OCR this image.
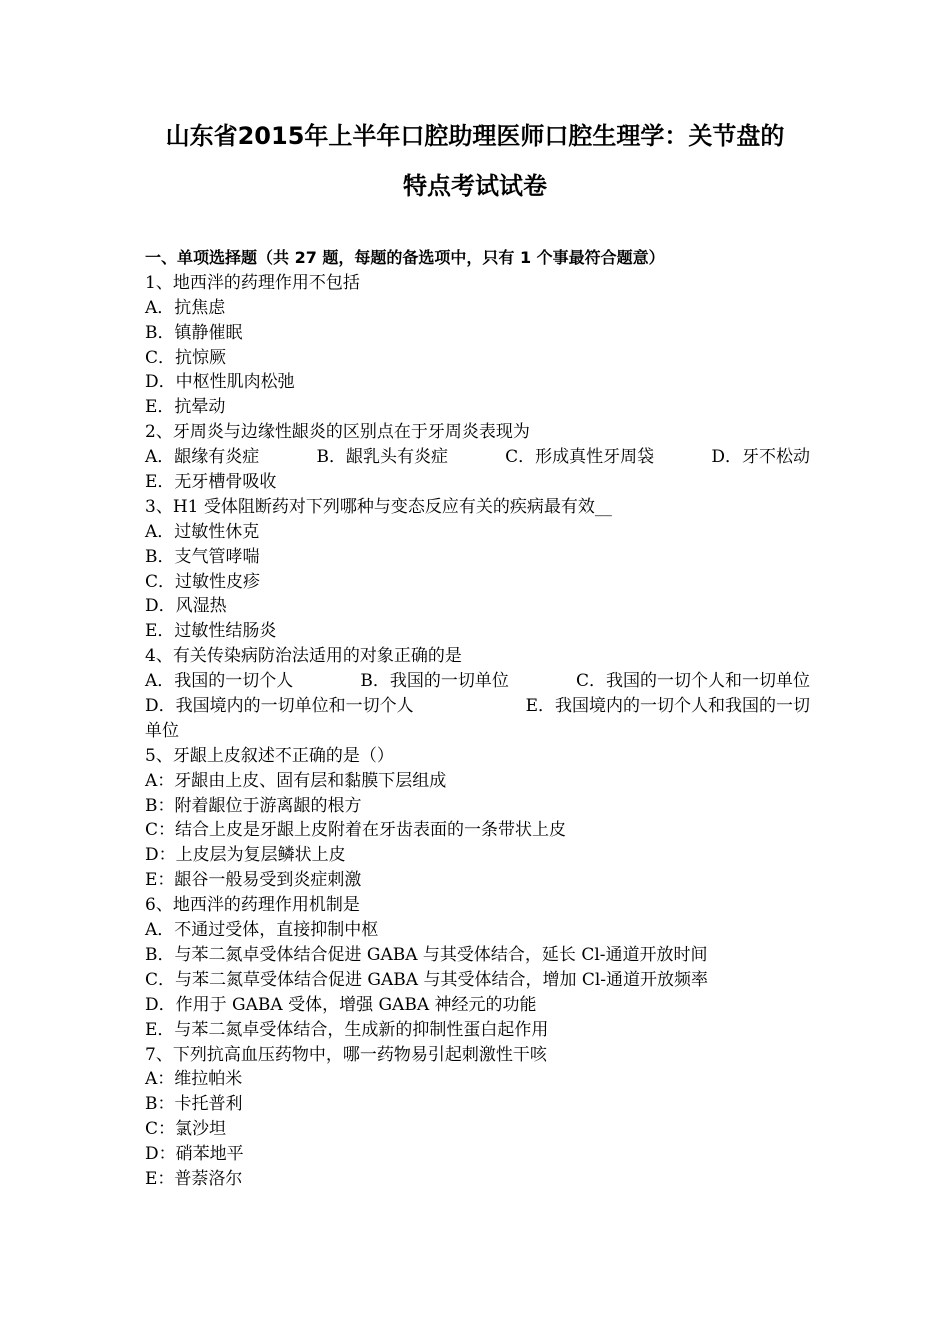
山东省2015年上半年口腔助理医师口腔生理学：关节盘的
特点考试试卷
一、单项选择题（共 27 题，每题的备选项中，只有 1 个事最符合题意）
1、地西泮的药理作用不包括
A．抗焦虑
B．镇静催眠
C．抗惊厥
D．中枢性肌肉松弛
E．抗晕动
2、牙周炎与边缘性龈炎的区别点在于牙周炎表现为
A．龈缘有炎症	B．龈乳头有炎症	C．形成真性牙周袋	D．牙不松动
E．无牙槽骨吸收
3、H1 受体阻断药对下列哪种与变态反应有关的疾病最有效__
A．过敏性休克
B．支气管哮喘
C．过敏性皮疹
D．风湿热
E．过敏性结肠炎
4、有关传染病防治法适用的对象正确的是
A．我国的一切个人	B．我国的一切单位	C．我国的一切个人和一切单位
D．我国境内的一切单位和一切个人	E．我国境内的一切个人和我国的一切
单位
5、牙龈上皮叙述不正确的是（）
A：牙龈由上皮、固有层和黏膜下层组成
B：附着龈位于游离龈的根方
C：结合上皮是牙龈上皮附着在牙齿表面的一条带状上皮
D：上皮层为复层鳞状上皮
E：龈谷一般易受到炎症刺激
6、地西泮的药理作用机制是
A．不通过受体，直接抑制中枢
B．与苯二氮卓受体结合促进 GABA 与其受体结合，延长 Cl-通道开放时间
C．与苯二氮草受体结合促进 GABA 与其受体结合，增加 Cl-通道开放频率
D．作用于 GABA 受体，增强 GABA 神经元的功能
E．与苯二氮卓受体结合，生成新的抑制性蛋白起作用
7、下列抗高血压药物中，哪一药物易引起刺激性干咳
A：维拉帕米
B：卡托普利
C：氯沙坦
D：硝苯地平
E：普萘洛尔
